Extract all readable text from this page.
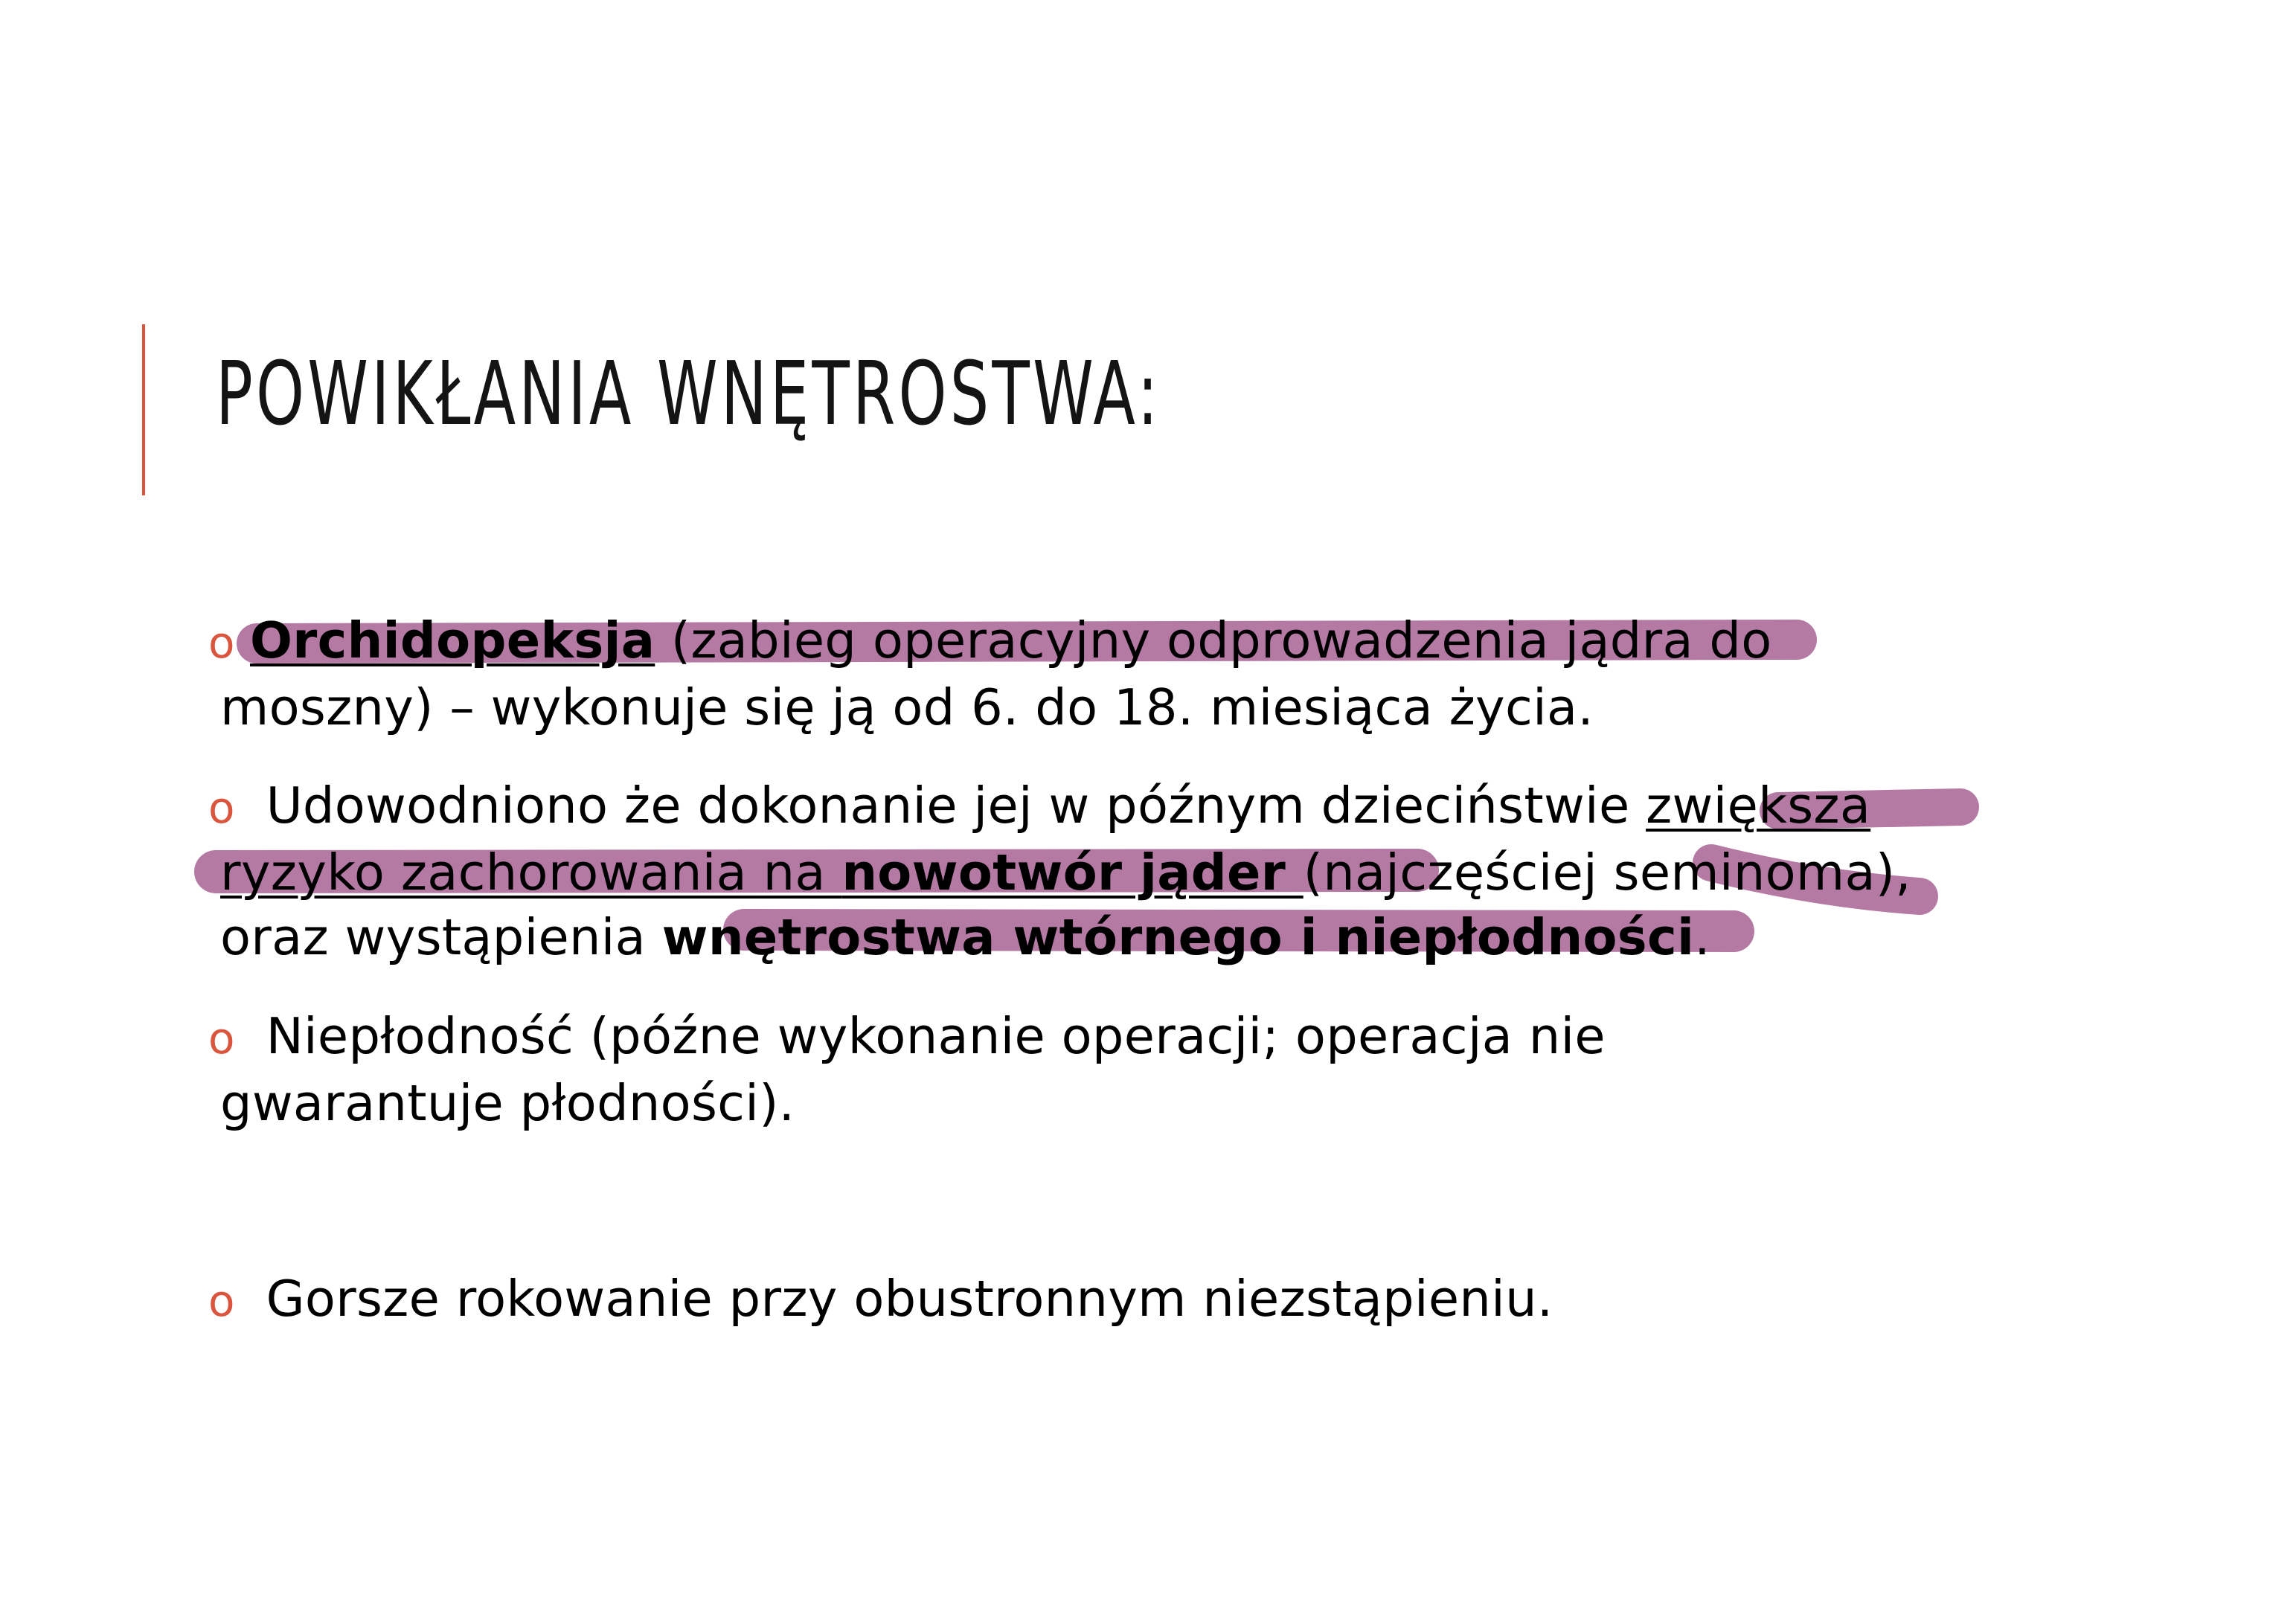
POWIKŁANIA WNĘTROSTWA:

o Orchidopeksja (zabieg operacyjny odprowadzenia jądra do
moszny) – wykonuje się ją od 6. do 18. miesiąca życia.

o Udowodniono że dokonanie jej w późnym dzieciństwie zwiększa
ryzyko zachorowania na nowotwór jąder (najczęściej seminoma),
oraz wystąpienia wnętrostwa wtórnego i niepłodności.

o Niepłodność (późne wykonanie operacji; operacja nie
gwarantuje płodności).

o Gorsze rokowanie przy obustronnym niezstąpieniu.
